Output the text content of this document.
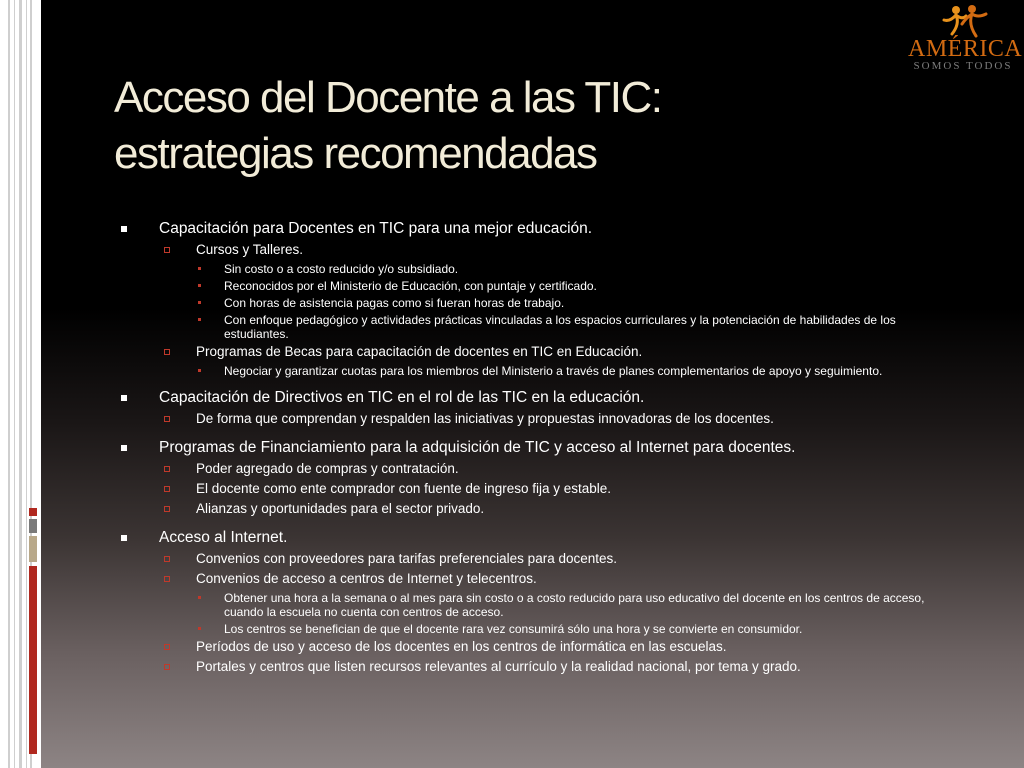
AMÉRICA
SOMOS TODOS
Acceso del Docente a las TIC:
estrategias recomendadas
Capacitación para Docentes en TIC para una mejor educación.
Cursos y Talleres.
Sin costo o a costo reducido y/o subsidiado.
Reconocidos por el Ministerio de Educación, con puntaje y certificado.
Con horas de asistencia pagas como si fueran horas de trabajo.
Con enfoque pedagógico y actividades prácticas vinculadas a los espacios curriculares y la potenciación de habilidades de los estudiantes.
Programas de Becas para capacitación de docentes en TIC en Educación.
Negociar y garantizar cuotas para los miembros del Ministerio a través de planes complementarios de apoyo y seguimiento.
Capacitación de Directivos en TIC en el rol de las TIC en la educación.
De forma que comprendan y respalden las iniciativas y propuestas innovadoras de los docentes.
Programas de Financiamiento para la adquisición de TIC y acceso al Internet para docentes.
Poder agregado de compras y contratación.
El docente como ente comprador con fuente de ingreso fija y estable.
Alianzas y oportunidades para el sector privado.
Acceso al Internet.
Convenios con proveedores para tarifas preferenciales para docentes.
Convenios de acceso a centros de Internet y telecentros.
Obtener una hora a la semana o al mes para sin costo o a costo reducido para uso educativo del docente en los centros de acceso, cuando la escuela no cuenta con centros de acceso.
Los centros se benefician de que el docente rara vez consumirá sólo una hora y se convierte en consumidor.
Períodos de uso y acceso de los docentes en los centros de informática en las escuelas.
Portales y centros que listen recursos relevantes al currículo y la realidad nacional, por tema y grado.
